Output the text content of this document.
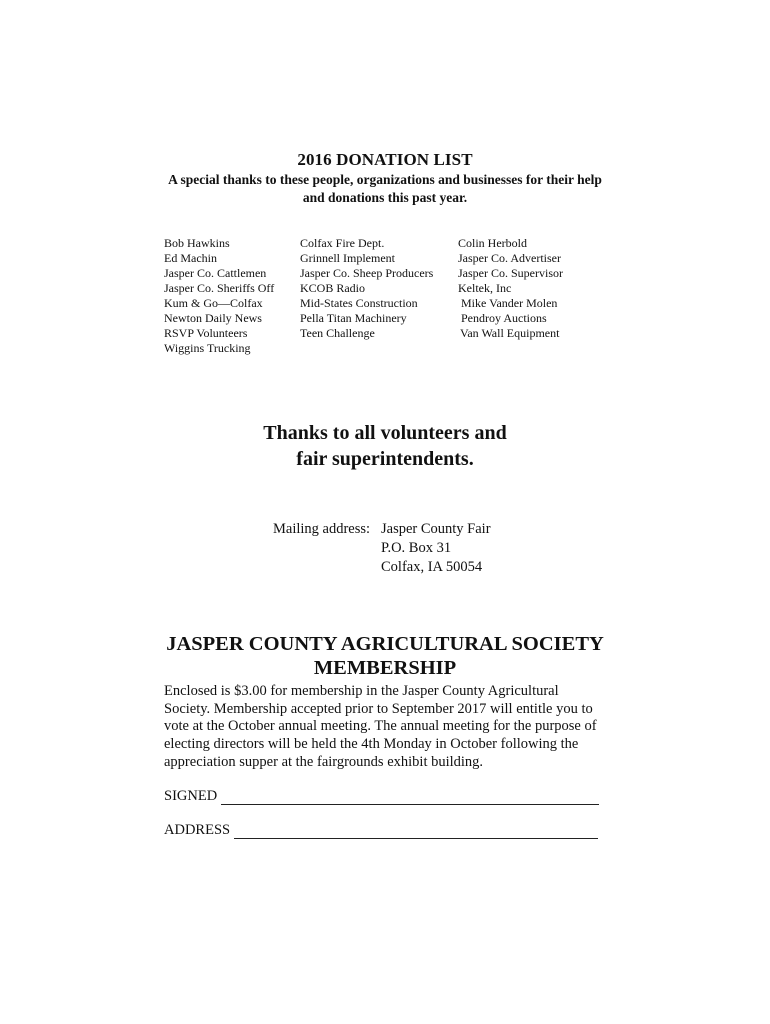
2016 DONATION LIST
A special thanks to these people, organizations and businesses for their help and donations this past year.
Bob Hawkins
Ed Machin
Jasper Co. Cattlemen
Jasper Co. Sheriffs Off
Kum & Go—Colfax
Newton Daily News
RSVP Volunteers
Wiggins Trucking
Colfax Fire Dept.
Grinnell Implement
Jasper Co. Sheep Producers
KCOB Radio
Mid-States Construction
Pella Titan Machinery
Teen Challenge
Colin Herbold
Jasper Co. Advertiser
Jasper Co. Supervisor
Keltek, Inc
Mike Vander Molen
Pendroy Auctions
Van Wall Equipment
Thanks to all volunteers and
fair superintendents.
Mailing address: Jasper County Fair
P.O. Box 31
Colfax, IA 50054
JASPER COUNTY AGRICULTURAL SOCIETY MEMBERSHIP
Enclosed is $3.00 for membership in the Jasper County Agricultural Society. Membership accepted prior to September 2017 will entitle you to vote at the October annual meeting. The annual meeting for the purpose of electing directors will be held the 4th Monday in October following the appreciation supper at the fairgrounds exhibit building.
SIGNED
ADDRESS
